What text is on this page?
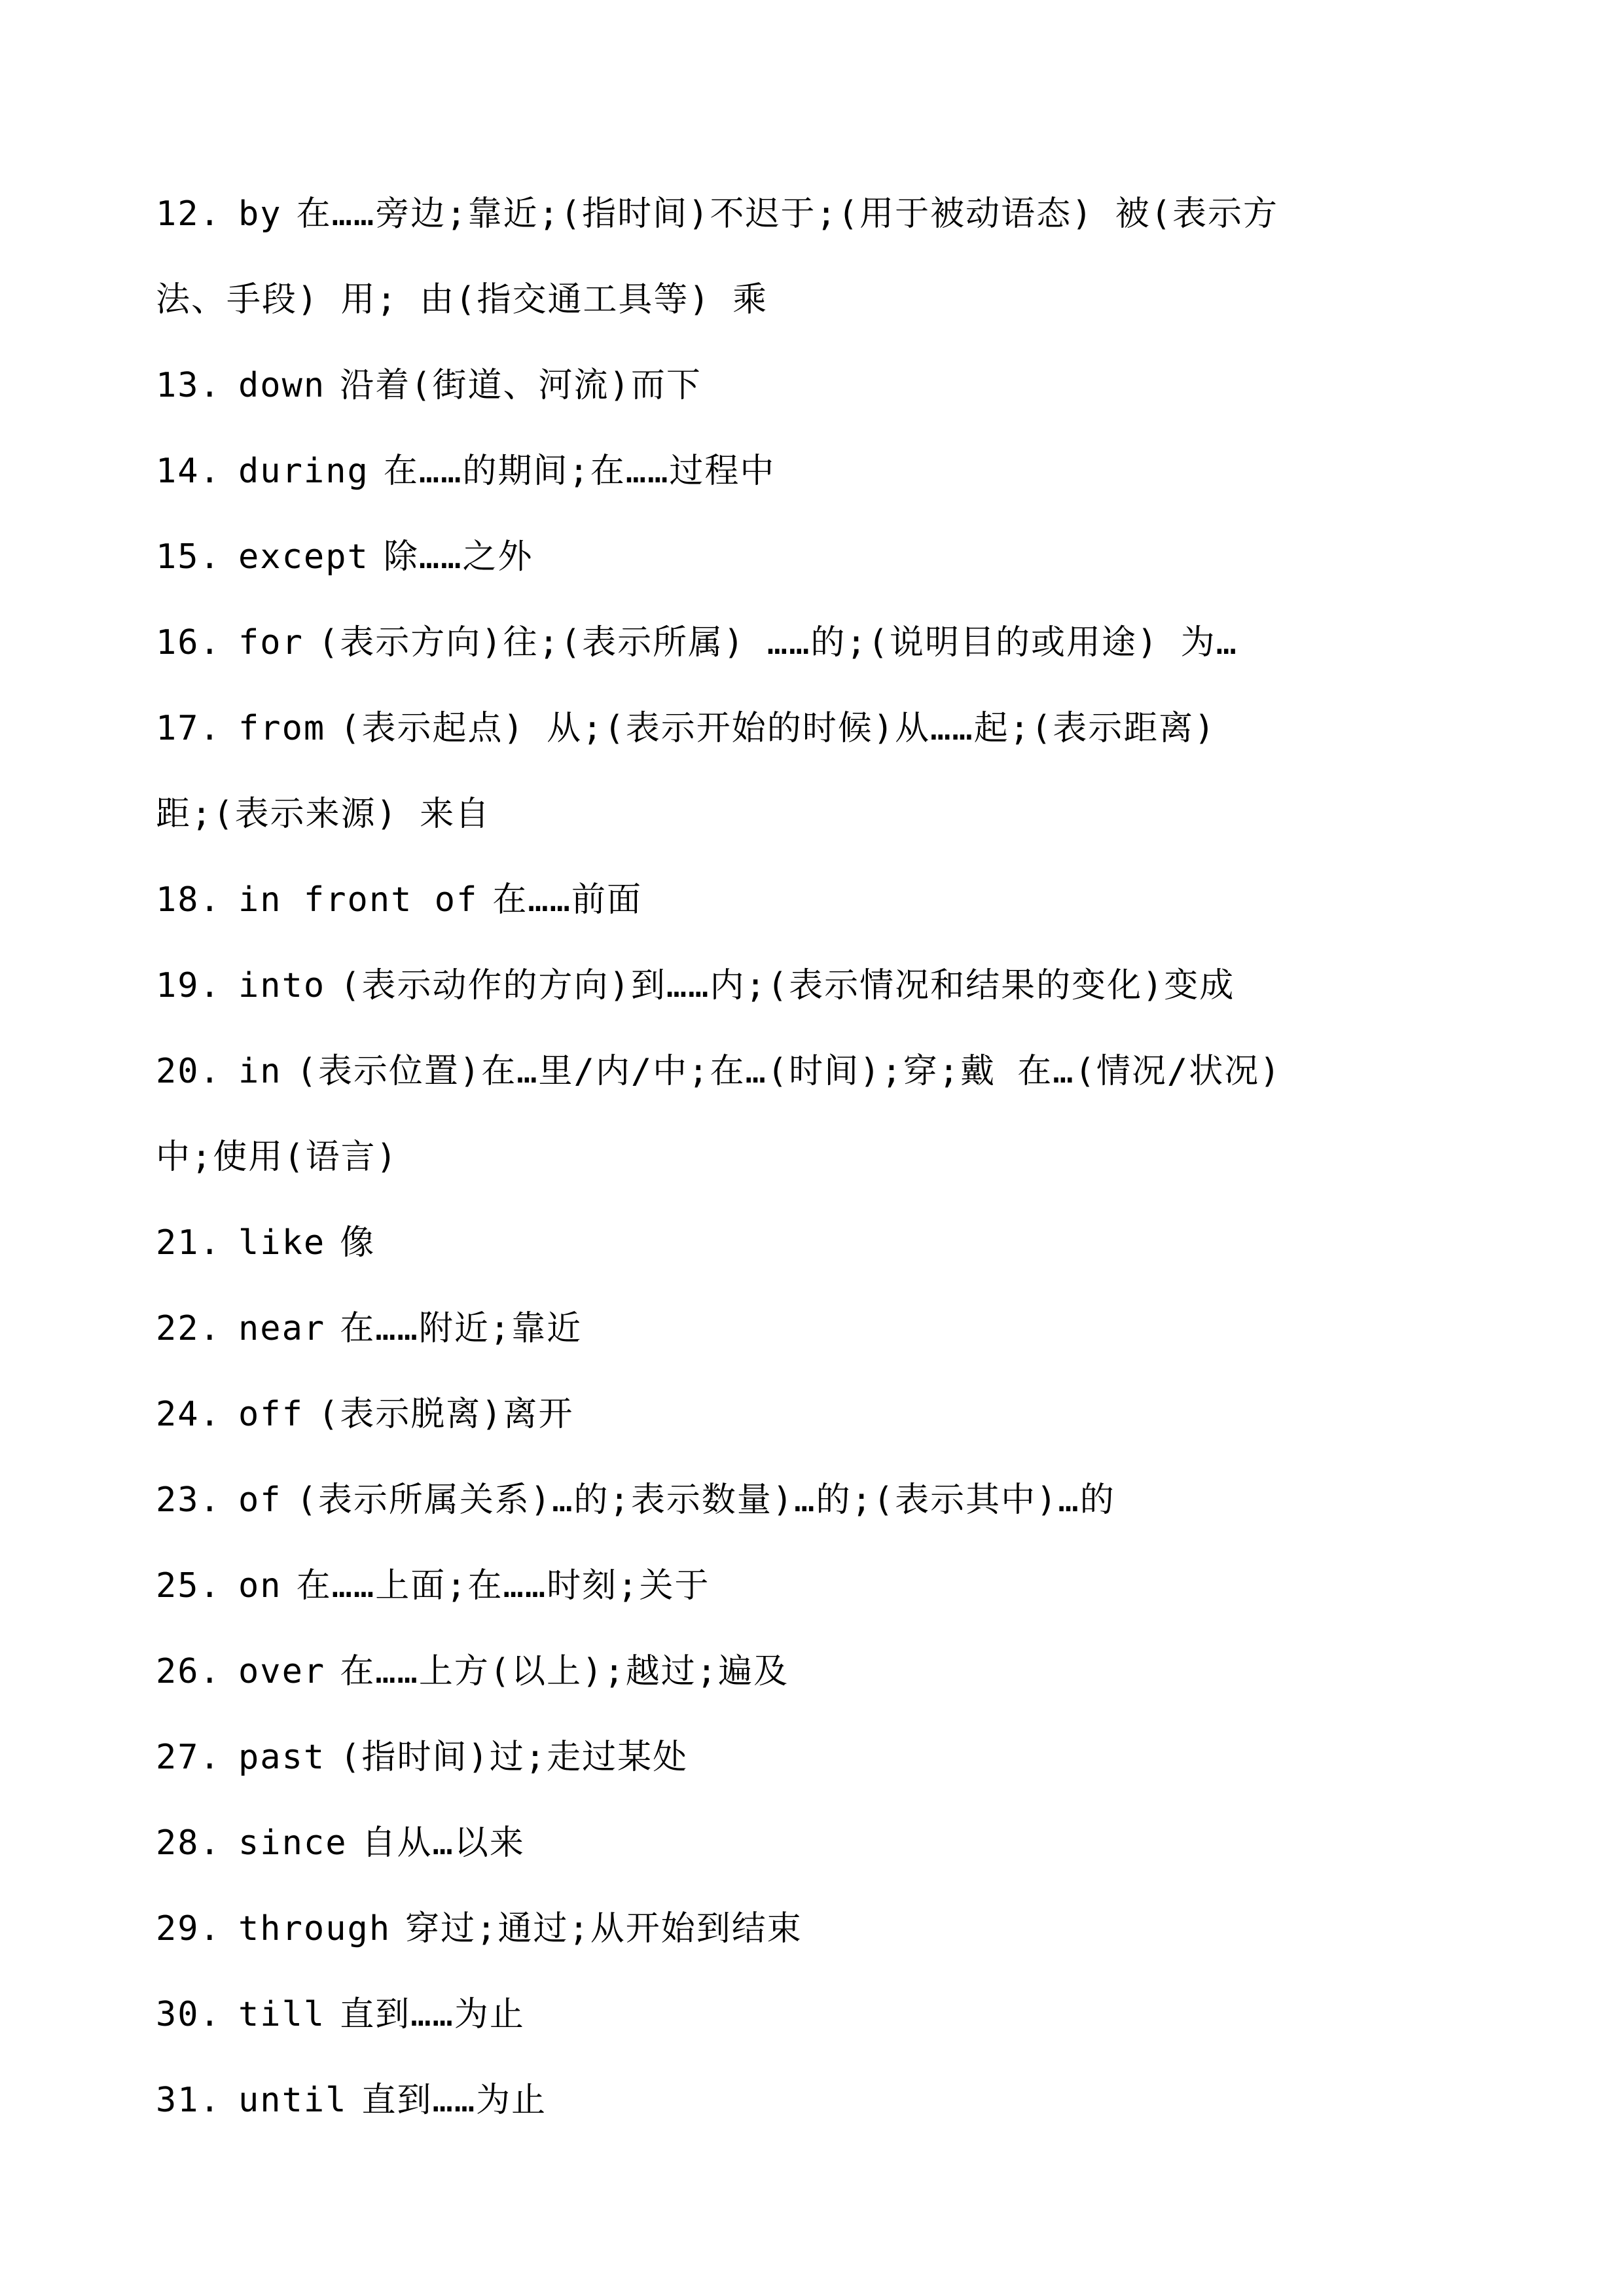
12. by 在……旁边;靠近;(指时间)不迟于;(用于被动语态) 被(表示方
法、手段) 用; 由(指交通工具等) 乘
13. down 沿着(街道、河流)而下
14. during 在……的期间;在……过程中
15. except 除……之外
16. for (表示方向)往;(表示所属) ……的;(说明目的或用途) 为…
17. from (表示起点) 从;(表示开始的时候)从……起;(表示距离)
距;(表示来源) 来自
18. in front of 在……前面
19. into (表示动作的方向)到……内;(表示情况和结果的变化)变成
20. in (表示位置)在…里/内/中;在…(时间);穿;戴 在…(情况/状况)
中;使用(语言)
21. like 像
22. near 在……附近;靠近
24. off (表示脱离)离开
23. of (表示所属关系)…的;表示数量)…的;(表示其中)…的
25. on 在……上面;在……时刻;关于
26. over 在……上方(以上);越过;遍及
27. past (指时间)过;走过某处
28. since 自从…以来
29. through 穿过;通过;从开始到结束
30. till 直到……为止
31. until 直到……为止
